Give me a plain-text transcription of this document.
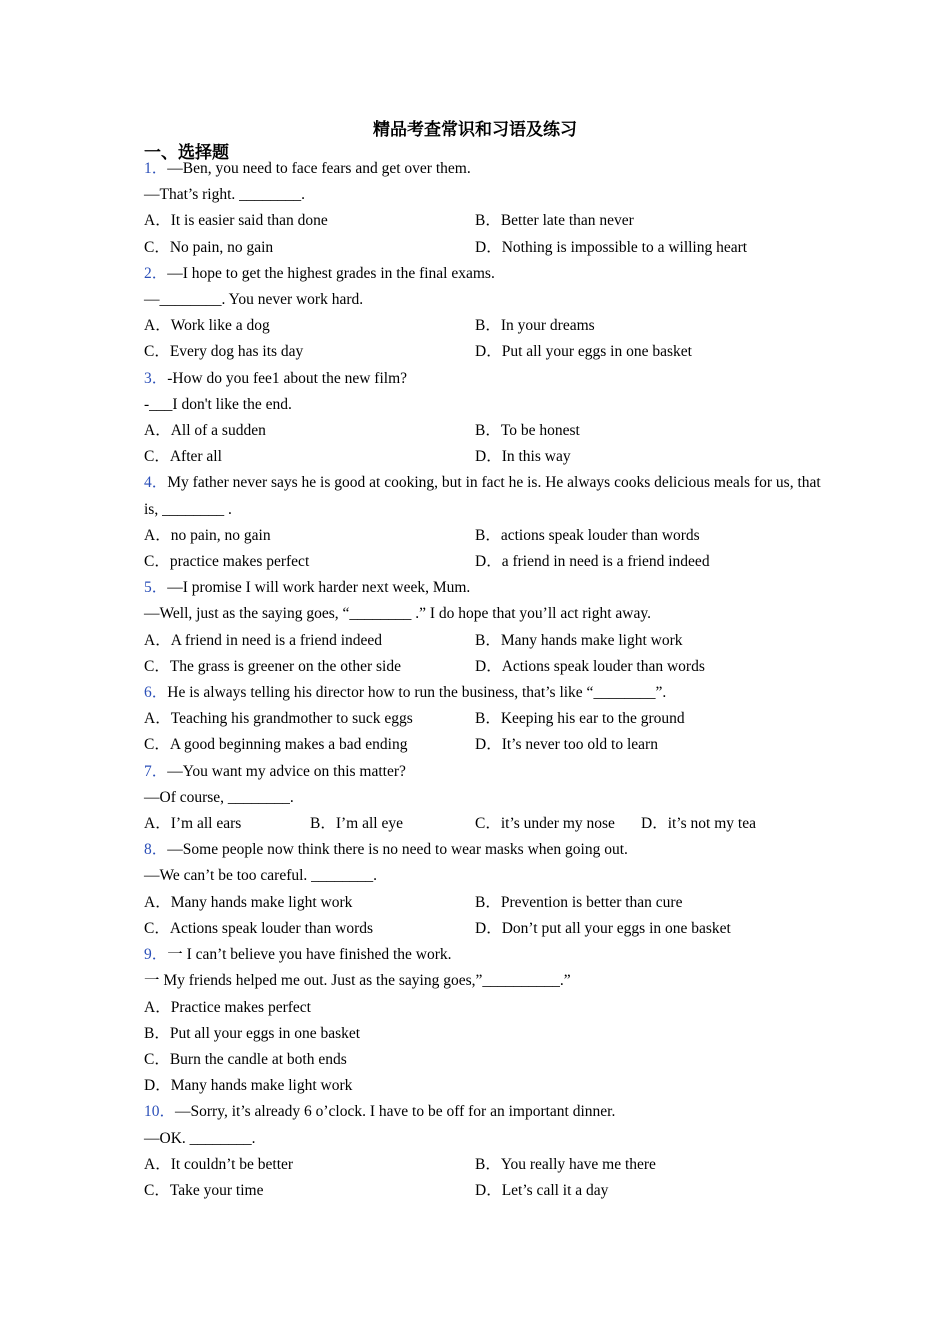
精品考查常识和习语及练习
一、选择题
1．—Ben, you need to face fears and get over them.
—That’s right. ________.
A．It is easier said than done	B．Better late than never
C．No pain, no gain	D．Nothing is impossible to a willing heart
2．—I hope to get the highest grades in the final exams.
—________. You never work hard.
A．Work like a dog	B．In your dreams
C．Every dog has its day	D．Put all your eggs in one basket
3．-How do you fee1 about the new film?
-___I don't like the end.
A．All of a sudden	B．To be honest
C．After all	D．In this way
4．My father never says he is good at cooking, but in fact he is. He always cooks delicious meals for us, that is, ________ .
A．no pain, no gain	B．actions speak louder than words
C．practice makes perfect	D．a friend in need is a friend indeed
5．—I promise I will work harder next week, Mum.
—Well, just as the saying goes, “________ .” I do hope that you’ll act right away.
A．A friend in need is a friend indeed	B．Many hands make light work
C．The grass is greener on the other side	D．Actions speak louder than words
6．He is always telling his director how to run the business, that’s like “________”.
A．Teaching his grandmother to suck eggs	B．Keeping his ear to the ground
C．A good beginning makes a bad ending	D．It’s never too old to learn
7．—You want my advice on this matter?
—Of course, ________.
A．I’m all ears	B．I’m all eye	C．it’s under my nose	D．it’s not my tea
8．—Some people now think there is no need to wear masks when going out.
—We can’t be too careful. ________.
A．Many hands make light work	B．Prevention is better than cure
C．Actions speak louder than words	D．Don’t put all your eggs in one basket
9．一 I can’t believe you have finished the work.
一 My friends helped me out. Just as the saying goes,”__________.”
A．Practice makes perfect
B．Put all your eggs in one basket
C．Burn the candle at both ends
D．Many hands make light work
10．—Sorry, it’s already 6 o’clock. I have to be off for an important dinner.
—OK. ________.
A．It couldn’t be better	B．You really have me there
C．Take your time	D．Let’s call it a day
